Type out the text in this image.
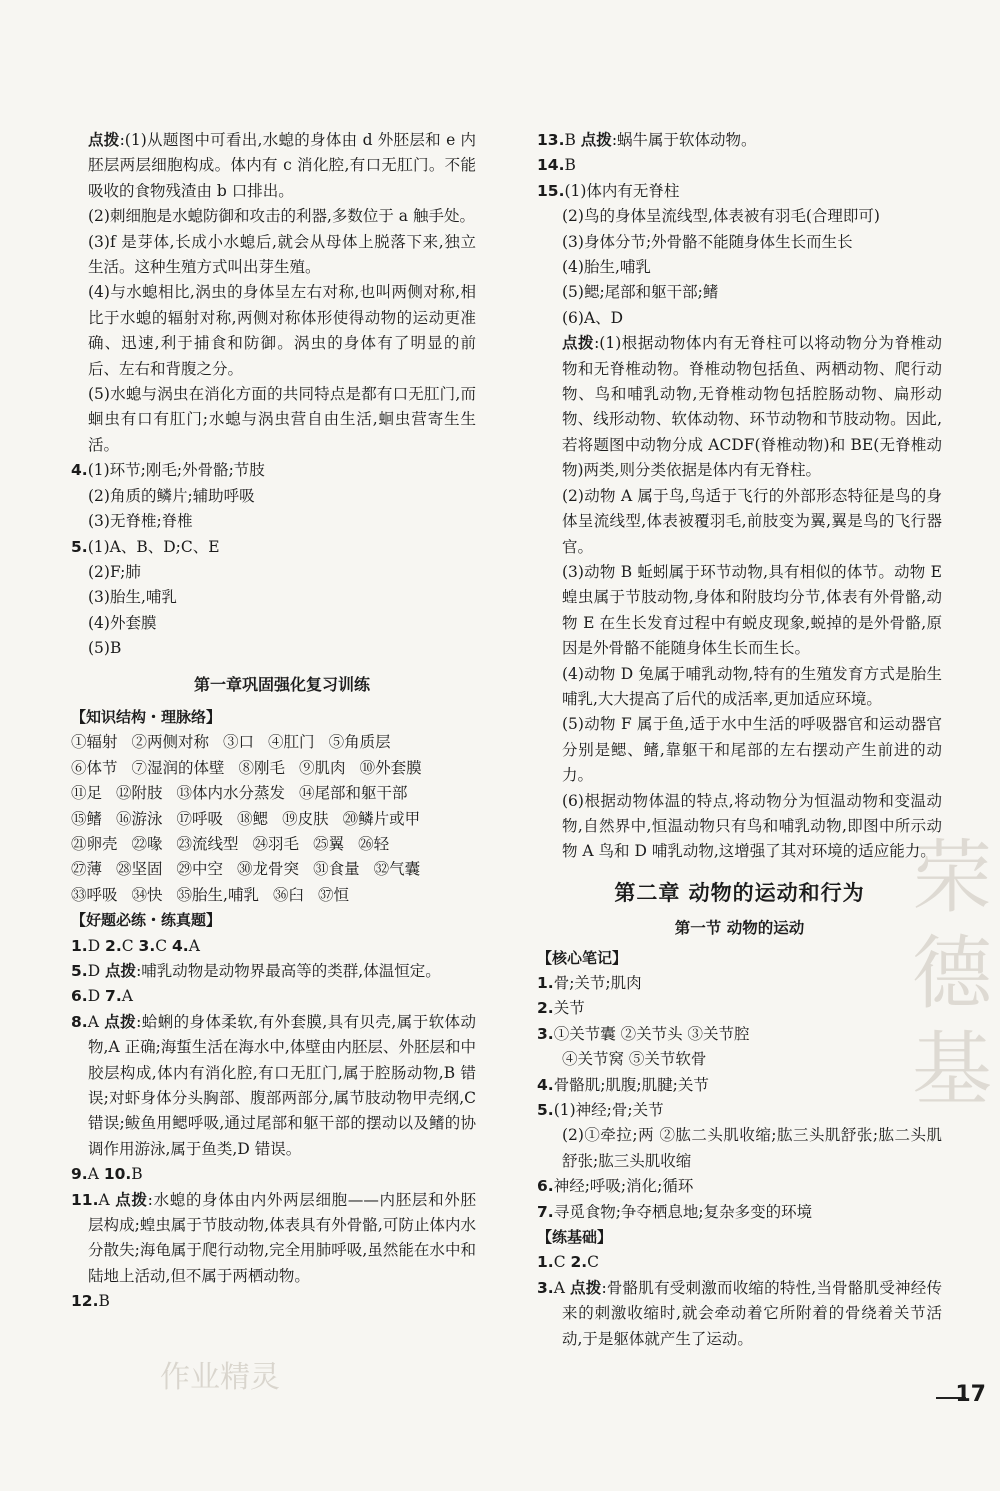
荣
德
基
作业精灵

点拨:(1)从题图中可看出,水螅的身体由 d 外胚层和 e 内胚层两层细胞构成。体内有 c 消化腔,有口无肛门。不能吸收的食物残渣由 b 口排出。

(2)刺细胞是水螅防御和攻击的利器,多数位于 a 触手处。

(3)f 是芽体,长成小水螅后,就会从母体上脱落下来,独立生活。这种生殖方式叫出芽生殖。

(4)与水螅相比,涡虫的身体呈左右对称,也叫两侧对称,相比于水螅的辐射对称,两侧对称体形使得动物的运动更准确、迅速,利于捕食和防御。涡虫的身体有了明显的前后、左右和背腹之分。

(5)水螅与涡虫在消化方面的共同特点是都有口无肛门,而蛔虫有口有肛门;水螅与涡虫营自由生活,蛔虫营寄生生活。

4.(1)环节;刚毛;外骨骼;节肢
(2)角质的鳞片;辅助呼吸
(3)无脊椎;脊椎
5.(1)A、B、D;C、E
(2)F;肺
(3)胎生,哺乳
(4)外套膜
(5)B
第一章巩固强化复习训练
【知识结构・理脉络】
①辐射 ②两侧对称 ③口 ④肛门 ⑤角质层
⑥体节 ⑦湿润的体壁 ⑧刚毛 ⑨肌肉 ⑩外套膜
⑪足 ⑫附肢 ⑬体内水分蒸发 ⑭尾部和躯干部
⑮鳍 ⑯游泳 ⑰呼吸 ⑱鳃 ⑲皮肤 ⑳鳞片或甲
㉑卵壳 ㉒喙 ㉓流线型 ㉔羽毛 ㉕翼 ㉖轻
㉗薄 ㉘坚固 ㉙中空 ㉚龙骨突 ㉛食量 ㉜气囊
㉝呼吸 ㉞快 ㉟胎生,哺乳 ㊱臼 ㊲恒
【好题必练・练真题】
1.D 2.C 3.C 4.A
5.D 点拨:哺乳动物是动物界最高等的类群,体温恒定。
6.D 7.A
8.A 点拨:蛤蜊的身体柔软,有外套膜,具有贝壳,属于软体动物,A 正确;海蜇生活在海水中,体壁由内胚层、外胚层和中胶层构成,体内有消化腔,有口无肛门,属于腔肠动物,B 错误;对虾身体分头胸部、腹部两部分,属节肢动物甲壳纲,C 错误;鲅鱼用鳃呼吸,通过尾部和躯干部的摆动以及鳍的协调作用游泳,属于鱼类,D 错误。
9.A 10.B
11.A 点拨:水螅的身体由内外两层细胞——内胚层和外胚层构成;蝗虫属于节肢动物,体表具有外骨骼,可防止体内水分散失;海龟属于爬行动物,完全用肺呼吸,虽然能在水中和陆地上活动,但不属于两栖动物。
12.B
13.B 点拨:蜗牛属于软体动物。
14.B
15.(1)体内有无脊柱
(2)鸟的身体呈流线型,体表被有羽毛(合理即可)
(3)身体分节;外骨骼不能随身体生长而生长
(4)胎生,哺乳
(5)鳃;尾部和躯干部;鳍
(6)A、D

点拨:(1)根据动物体内有无脊柱可以将动物分为脊椎动物和无脊椎动物。脊椎动物包括鱼、两栖动物、爬行动物、鸟和哺乳动物,无脊椎动物包括腔肠动物、扁形动物、线形动物、软体动物、环节动物和节肢动物。因此,若将题图中动物分成 ACDF(脊椎动物)和 BE(无脊椎动物)两类,则分类依据是体内有无脊柱。

(2)动物 A 属于鸟,鸟适于飞行的外部形态特征是鸟的身体呈流线型,体表被覆羽毛,前肢变为翼,翼是鸟的飞行器官。

(3)动物 B 蚯蚓属于环节动物,具有相似的体节。动物 E 蝗虫属于节肢动物,身体和附肢均分节,体表有外骨骼,动物 E 在生长发育过程中有蜕皮现象,蜕掉的是外骨骼,原因是外骨骼不能随身体生长而生长。

(4)动物 D 兔属于哺乳动物,特有的生殖发育方式是胎生哺乳,大大提高了后代的成活率,更加适应环境。

(5)动物 F 属于鱼,适于水中生活的呼吸器官和运动器官分别是鳃、鳍,靠躯干和尾部的左右摆动产生前进的动力。

(6)根据动物体温的特点,将动物分为恒温动物和变温动物,自然界中,恒温动物只有鸟和哺乳动物,即图中所示动物 A 鸟和 D 哺乳动物,这增强了其对环境的适应能力。

第二章 动物的运动和行为
第一节 动物的运动
【核心笔记】
1.骨;关节;肌肉
2.关节
3.①关节囊 ②关节头 ③关节腔
④关节窝 ⑤关节软骨
4.骨骼肌;肌腹;肌腱;关节
5.(1)神经;骨;关节
(2)①牵拉;两 ②肱二头肌收缩;肱三头肌舒张;肱二头肌舒张;肱三头肌收缩
6.神经;呼吸;消化;循环
7.寻觅食物;争夺栖息地;复杂多变的环境
【练基础】
1.C 2.C
3.A 点拨:骨骼肌有受刺激而收缩的特性,当骨骼肌受神经传来的刺激收缩时,就会牵动着它所附着的骨绕着关节活动,于是躯体就产生了运动。
17
